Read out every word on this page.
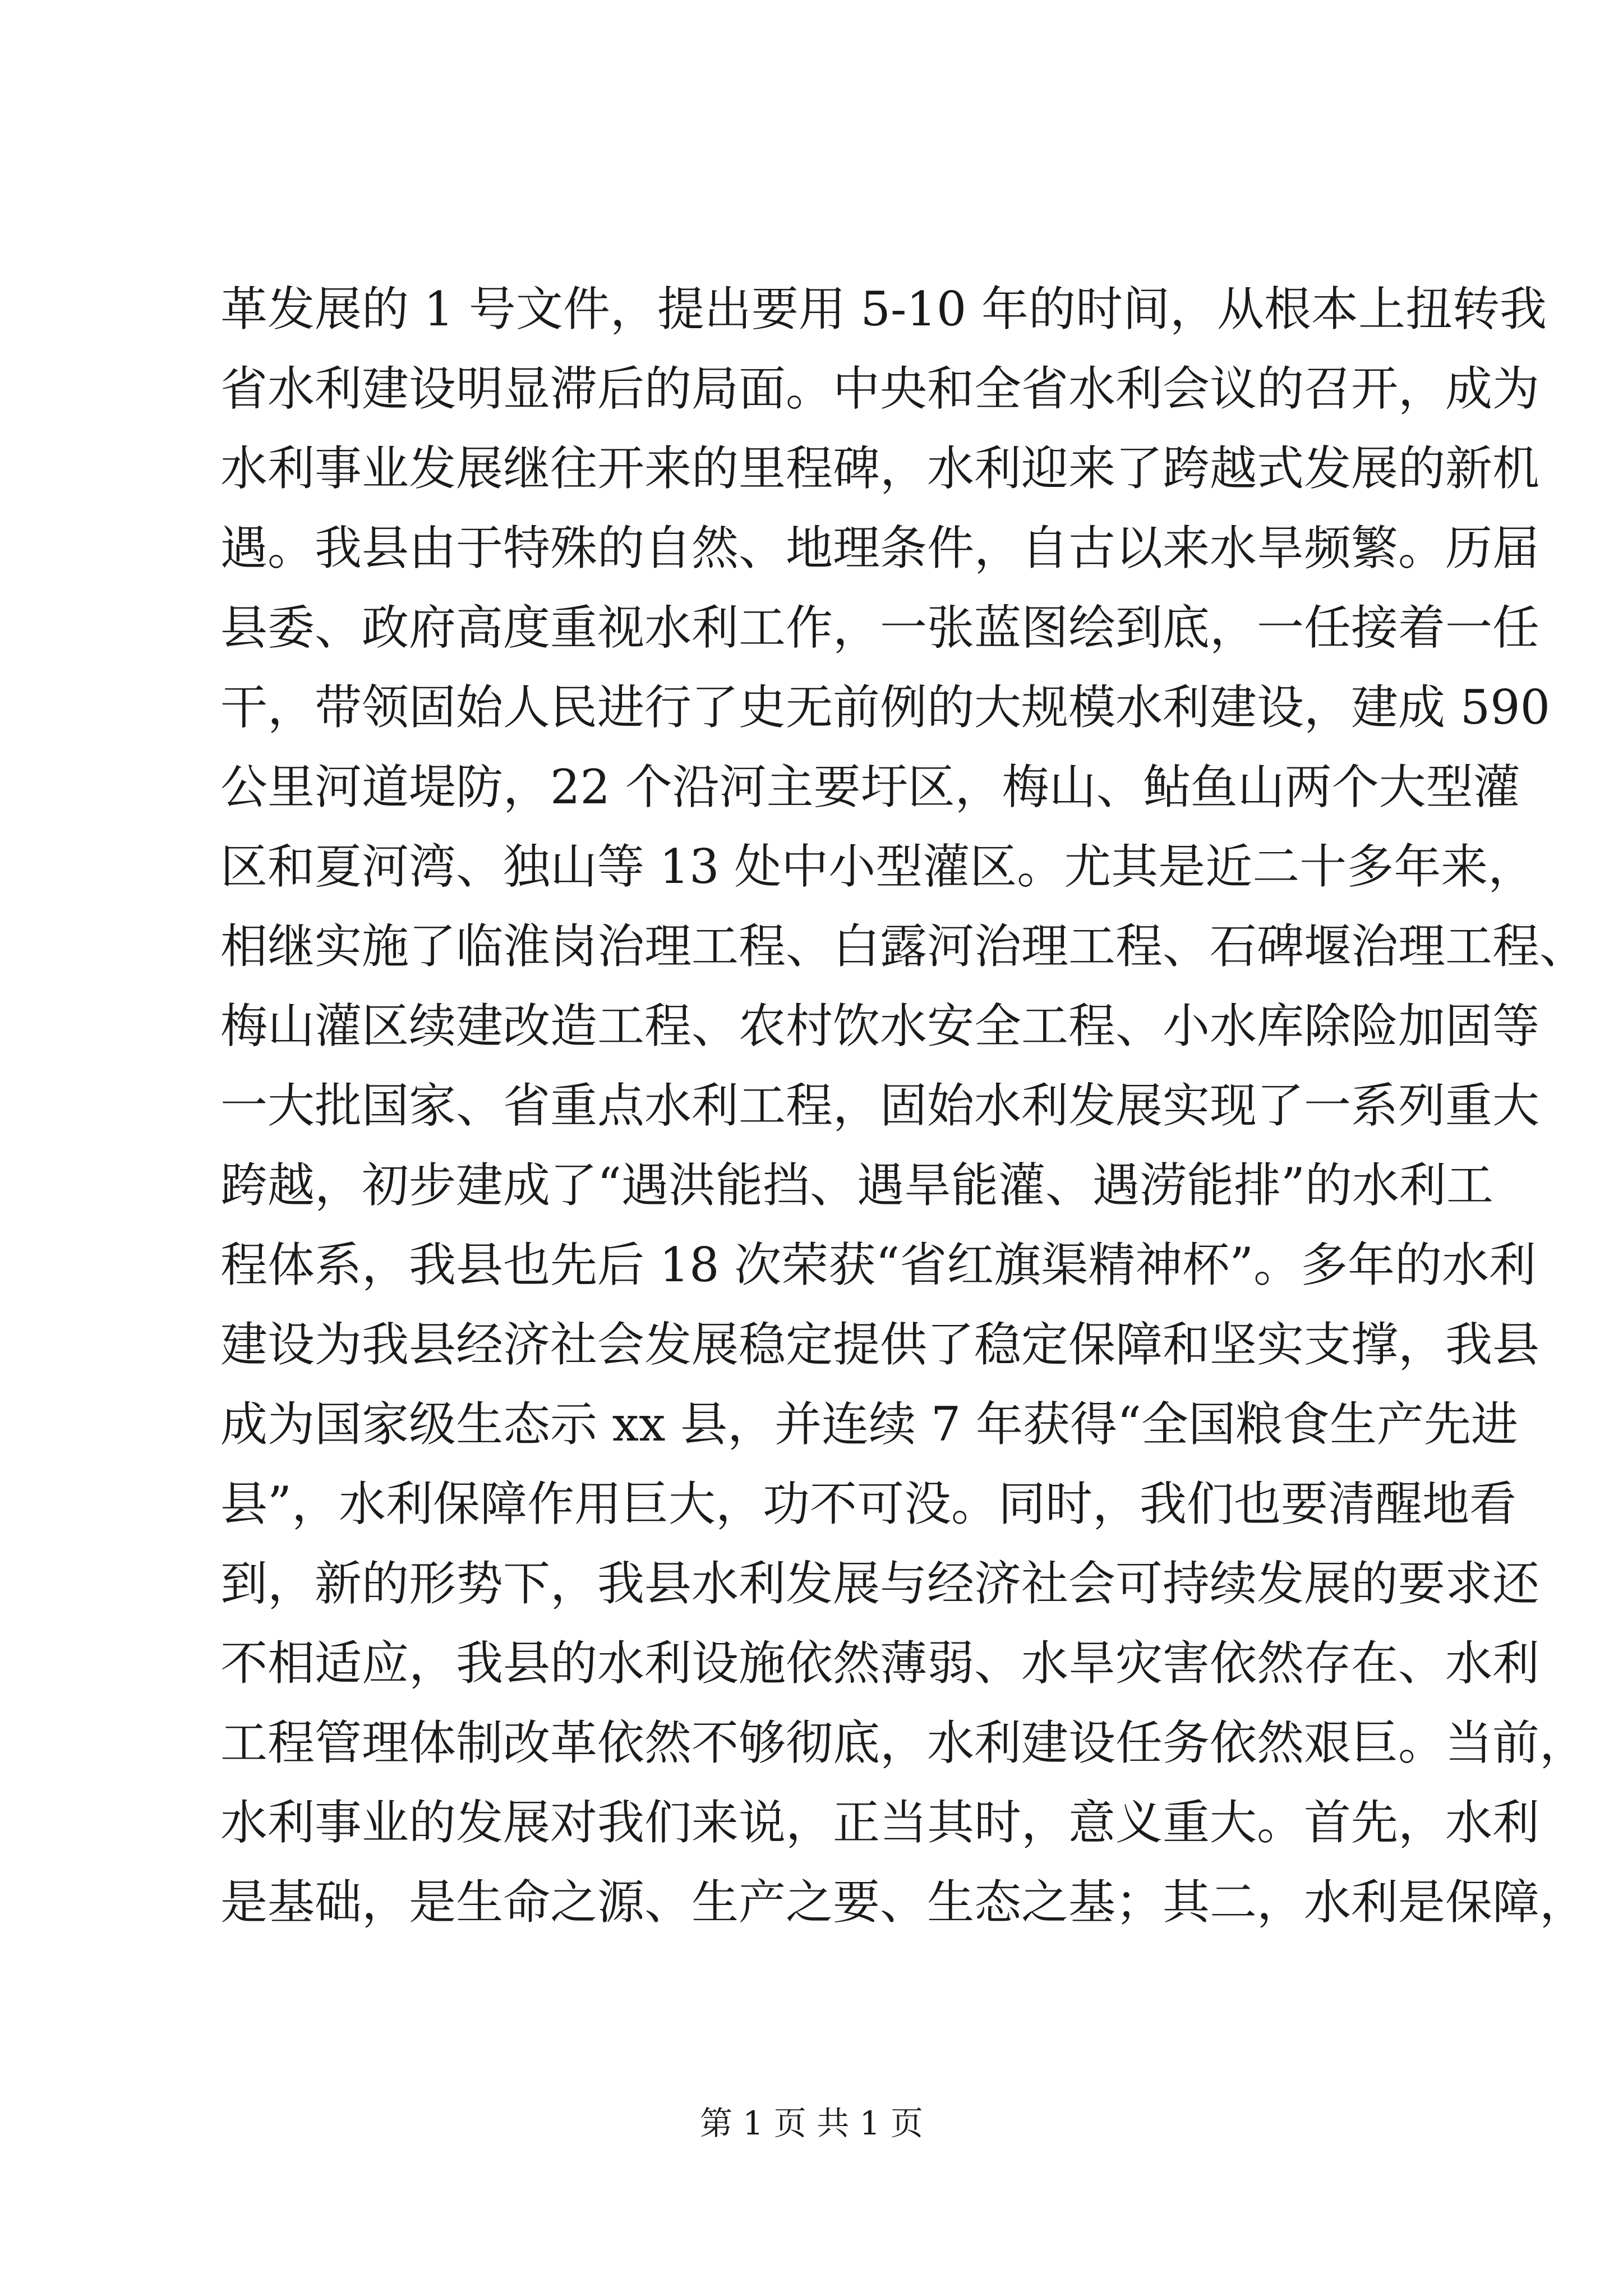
革发展的 1 号文件，提出要用 5-10 年的时间，从根本上扭转我
省水利建设明显滞后的局面。中央和全省水利会议的召开，成为
水利事业发展继往开来的里程碑，水利迎来了跨越式发展的新机
遇。我县由于特殊的自然、地理条件，自古以来水旱频繁。历届
县委、政府高度重视水利工作，一张蓝图绘到底，一任接着一任
干，带领固始人民进行了史无前例的大规模水利建设，建成 590
公里河道堤防，22 个沿河主要圩区，梅山、鲇鱼山两个大型灌
区和夏河湾、独山等 13 处中小型灌区。尤其是近二十多年来，
相继实施了临淮岗治理工程、白露河治理工程、石碑堰治理工程、
梅山灌区续建改造工程、农村饮水安全工程、小水库除险加固等
一大批国家、省重点水利工程，固始水利发展实现了一系列重大
跨越，初步建成了“遇洪能挡、遇旱能灌、遇涝能排”的水利工
程体系，我县也先后 18 次荣获“省红旗渠精神杯”。多年的水利
建设为我县经济社会发展稳定提供了稳定保障和坚实支撑，我县
成为国家级生态示 xx 县，并连续 7 年获得“全国粮食生产先进
县”，水利保障作用巨大，功不可没。同时，我们也要清醒地看
到，新的形势下，我县水利发展与经济社会可持续发展的要求还
不相适应，我县的水利设施依然薄弱、水旱灾害依然存在、水利
工程管理体制改革依然不够彻底，水利建设任务依然艰巨。当前，
水利事业的发展对我们来说，正当其时，意义重大。首先，水利
是基础，是生命之源、生产之要、生态之基；其二，水利是保障，
第 1 页 共 1 页
